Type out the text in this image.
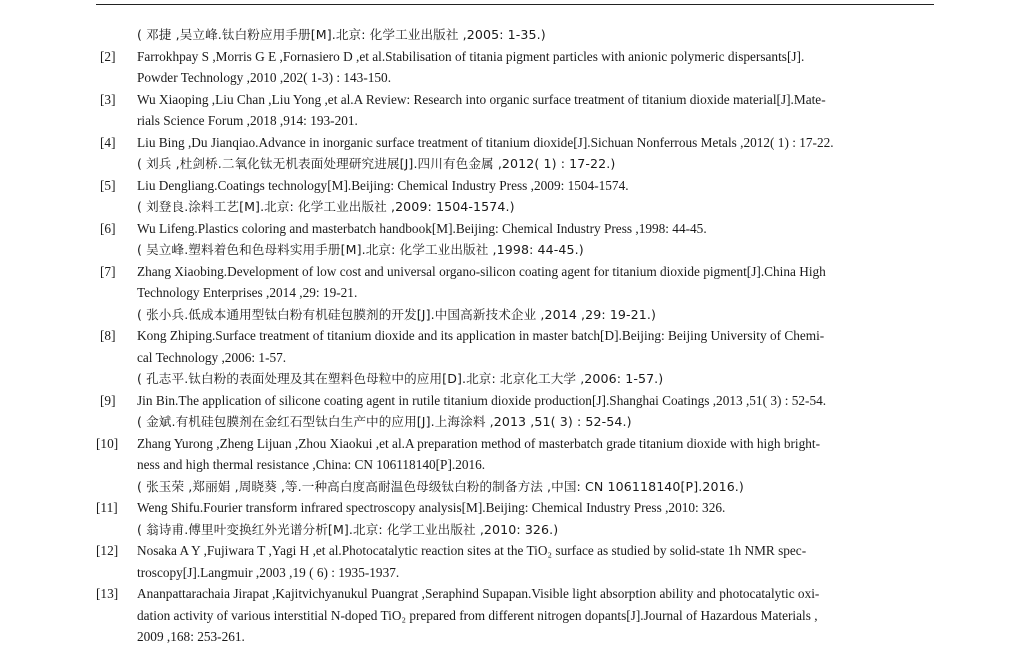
( 邓捷 ,吴立峰.钛白粉应用手册[M].北京: 化学工业出版社 ,2005: 1-35.)
[2]	Farrokhpay S ,Morris G E ,Fornasiero D ,et al.Stabilisation of titania pigment particles with anionic polymeric dispersants[J].
Powder Technology ,2010 ,202( 1-3) : 143-150.
[3]	Wu Xiaoping ,Liu Chan ,Liu Yong ,et al.A Review: Research into organic surface treatment of titanium dioxide material[J].Mate-
rials Science Forum ,2018 ,914: 193-201.
[4]	Liu Bing ,Du Jianqiao.Advance in inorganic surface treatment of titanium dioxide[J].Sichuan Nonferrous Metals ,2012( 1) : 17-22.
( 刘兵 ,杜剑桥.二氧化钛无机表面处理研究进展[J].四川有色金属 ,2012( 1) : 17-22.)
[5]	Liu Dengliang.Coatings technology[M].Beijing: Chemical Industry Press ,2009: 1504-1574.
( 刘登良.涂料工艺[M].北京: 化学工业出版社 ,2009: 1504-1574.)
[6]	Wu Lifeng.Plastics coloring and masterbatch handbook[M].Beijing: Chemical Industry Press ,1998: 44-45.
( 吴立峰.塑料着色和色母料实用手册[M].北京: 化学工业出版社 ,1998: 44-45.)
[7]	Zhang Xiaobing.Development of low cost and universal organo-silicon coating agent for titanium dioxide pigment[J].China High
Technology Enterprises ,2014 ,29: 19-21.
( 张小兵.低成本通用型钛白粉有机硅包膜剂的开发[J].中国高新技术企业 ,2014 ,29: 19-21.)
[8]	Kong Zhiping.Surface treatment of titanium dioxide and its application in master batch[D].Beijing: Beijing University of Chemi-
cal Technology ,2006: 1-57.
( 孔志平.钛白粉的表面处理及其在塑料色母粒中的应用[D].北京: 北京化工大学 ,2006: 1-57.)
[9]	Jin Bin.The application of silicone coating agent in rutile titanium dioxide production[J].Shanghai Coatings ,2013 ,51( 3) : 52-54.
( 金斌.有机硅包膜剂在金红石型钛白生产中的应用[J].上海涂料 ,2013 ,51( 3) : 52-54.)
[10]	Zhang Yurong ,Zheng Lijuan ,Zhou Xiaokui ,et al.A preparation method of masterbatch grade titanium dioxide with high bright-
ness and high thermal resistance ,China: CN 106118140[P].2016.
( 张玉荣 ,郑丽娟 ,周晓葵 ,等.一种高白度高耐温色母级钛白粉的制备方法 ,中国: CN 106118140[P].2016.)
[11]	Weng Shifu.Fourier transform infrared spectroscopy analysis[M].Beijing: Chemical Industry Press ,2010: 326.
( 翁诗甫.傅里叶变换红外光谱分析[M].北京: 化学工业出版社 ,2010: 326.)
[12]	Nosaka A Y ,Fujiwara T ,Yagi H ,et al.Photocatalytic reaction sites at the TiO₂ surface as studied by solid-state 1h NMR spec-
troscopy[J].Langmuir ,2003 ,19 ( 6) : 1935-1937.
[13]	Ananpattarachaia Jirapat ,Kajitvichyanukul Puangrat ,Seraphind Supapan.Visible light absorption ability and photocatalytic oxi-
dation activity of various interstitial N-doped TiO₂ prepared from different nitrogen dopants[J].Journal of Hazardous Materials ,
2009 ,168: 253-261.
